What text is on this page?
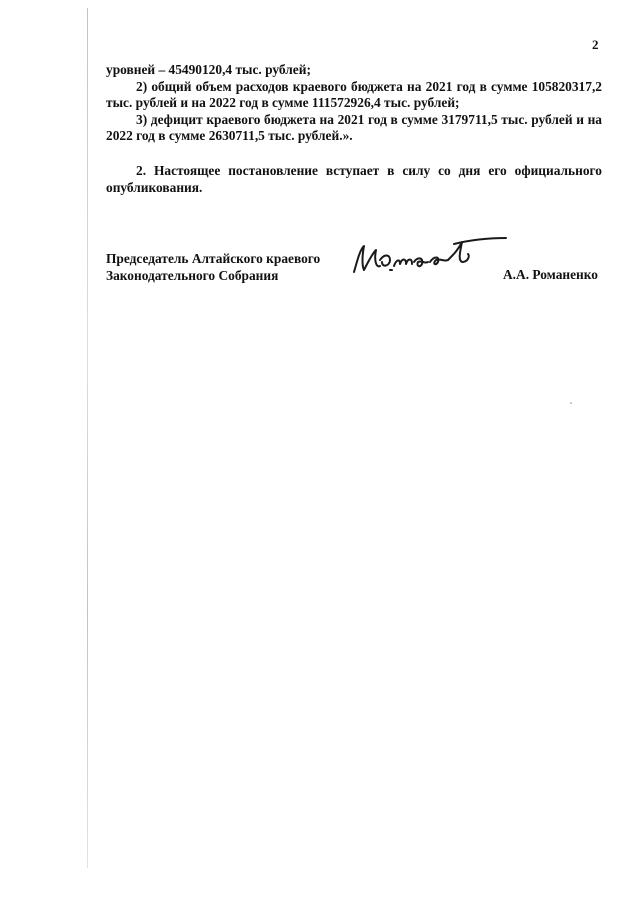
2

уровней – 45490120,4 тыс. рублей;

2) общий объем расходов краевого бюджета на 2021 год в сумме 105820317,2 тыс. рублей и на 2022 год в сумме 111572926,4 тыс. рублей;

3) дефицит краевого бюджета на 2021 год в сумме 3179711,5 тыс. рублей и на 2022 год в сумме 2630711,5 тыс. рублей.».

2. Настоящее постановление вступает в силу со дня его официального опубликования.

Председатель Алтайского краевого
Законодательного Собрания	А.А. Романенко
